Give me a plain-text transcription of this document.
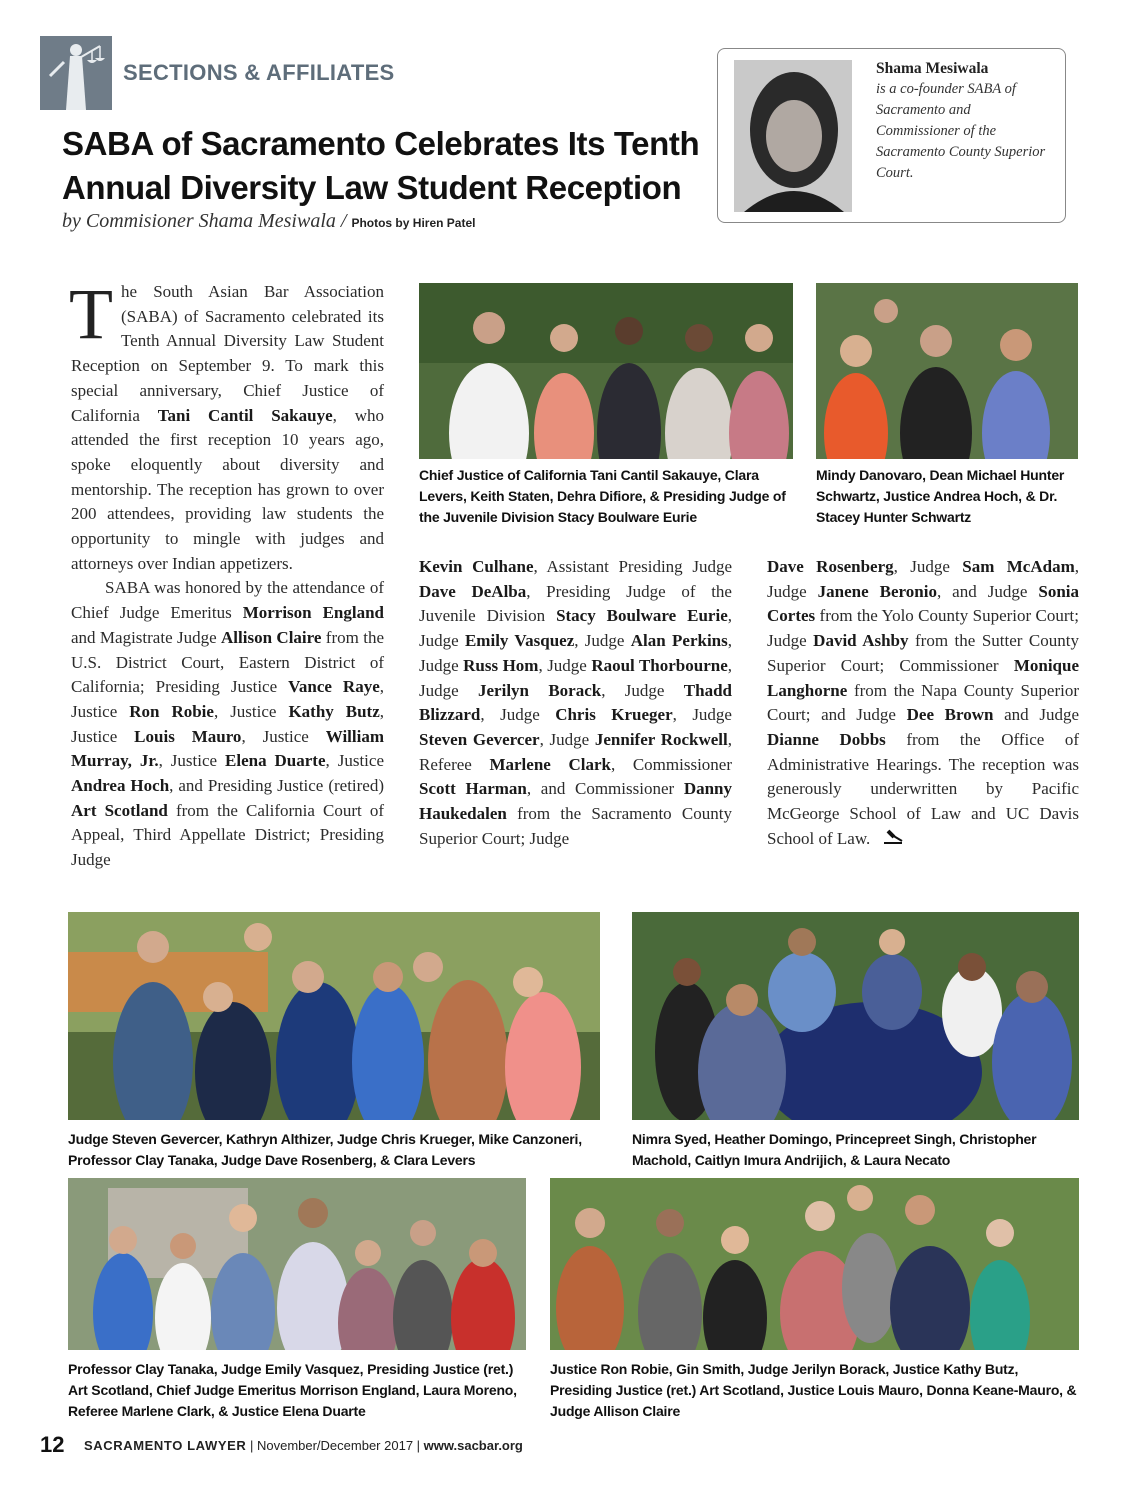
SECTIONS & AFFILIATES
SABA of Sacramento Celebrates Its Tenth
Annual Diversity Law Student Reception
by Commisioner Shama Mesiwala / Photos by Hiren Patel
Shama Mesiwala
is a co-founder SABA of Sacramento and Commissioner of the Sacramento County Superior Court.

The South Asian Bar Association (SABA) of Sacramento celebrated its Tenth Annual Diversity Law Student Reception on September 9. To mark this special anniversary, Chief Justice of California Tani Cantil Sakauye, who attended the first reception 10 years ago, spoke eloquently about diversity and mentorship. The reception has grown to over 200 attendees, providing law students the opportunity to mingle with judges and attorneys over Indian appetizers.

SABA was honored by the attendance of Chief Judge Emeritus Morrison England and Magistrate Judge Allison Claire from the U.S. District Court, Eastern District of California; Presiding Justice Vance Raye, Justice Ron Robie, Justice Kathy Butz, Justice Louis Mauro, Justice William Murray, Jr., Justice Elena Duarte, Justice Andrea Hoch, and Presiding Justice (retired) Art Scotland from the California Court of Appeal, Third Appellate District; Presiding Judge

Kevin Culhane, Assistant Presiding Judge Dave DeAlba, Presiding Judge of the Juvenile Division Stacy Boulware Eurie, Judge Emily Vasquez, Judge Alan Perkins, Judge Russ Hom, Judge Raoul Thorbourne, Judge Jerilyn Borack, Judge Thadd Blizzard, Judge Chris Krueger, Judge Steven Gevercer, Judge Jennifer Rockwell, Referee Marlene Clark, Commissioner Scott Harman, and Commissioner Danny Haukedalen from the Sacramento County Superior Court; Judge
Dave Rosenberg, Judge Sam McAdam, Judge Janene Beronio, and Judge Sonia Cortes from the Yolo County Superior Court; Judge David Ashby from the Sutter County Superior Court; Commissioner Monique Langhorne from the Napa County Superior Court; and Judge Dee Brown and Judge Dianne Dobbs from the Office of Administrative Hearings. The reception was generously underwritten by Pacific McGeorge School of Law and UC Davis School of Law.
Chief Justice of California Tani Cantil Sakauye, Clara Levers, Keith Staten, Dehra Difiore, & Presiding Judge of the Juvenile Division Stacy Boulware Eurie
Mindy Danovaro, Dean Michael Hunter Schwartz, Justice Andrea Hoch, & Dr. Stacey Hunter Schwartz
Judge Steven Gevercer, Kathryn Althizer, Judge Chris Krueger, Mike Canzoneri, Professor Clay Tanaka, Judge Dave Rosenberg, & Clara Levers
Nimra Syed, Heather Domingo, Princepreet Singh, Christopher Machold, Caitlyn Imura Andrijich, & Laura Necato
Professor Clay Tanaka, Judge Emily Vasquez, Presiding Justice (ret.) Art Scotland, Chief Judge Emeritus Morrison England, Laura Moreno, Referee Marlene Clark, & Justice Elena Duarte
Justice Ron Robie, Gin Smith, Judge Jerilyn Borack, Justice Kathy Butz, Presiding Justice (ret.) Art Scotland, Justice Louis Mauro, Donna Keane-Mauro, & Judge Allison Claire
12 SACRAMENTO LAWYER | November/December 2017 | www.sacbar.org
